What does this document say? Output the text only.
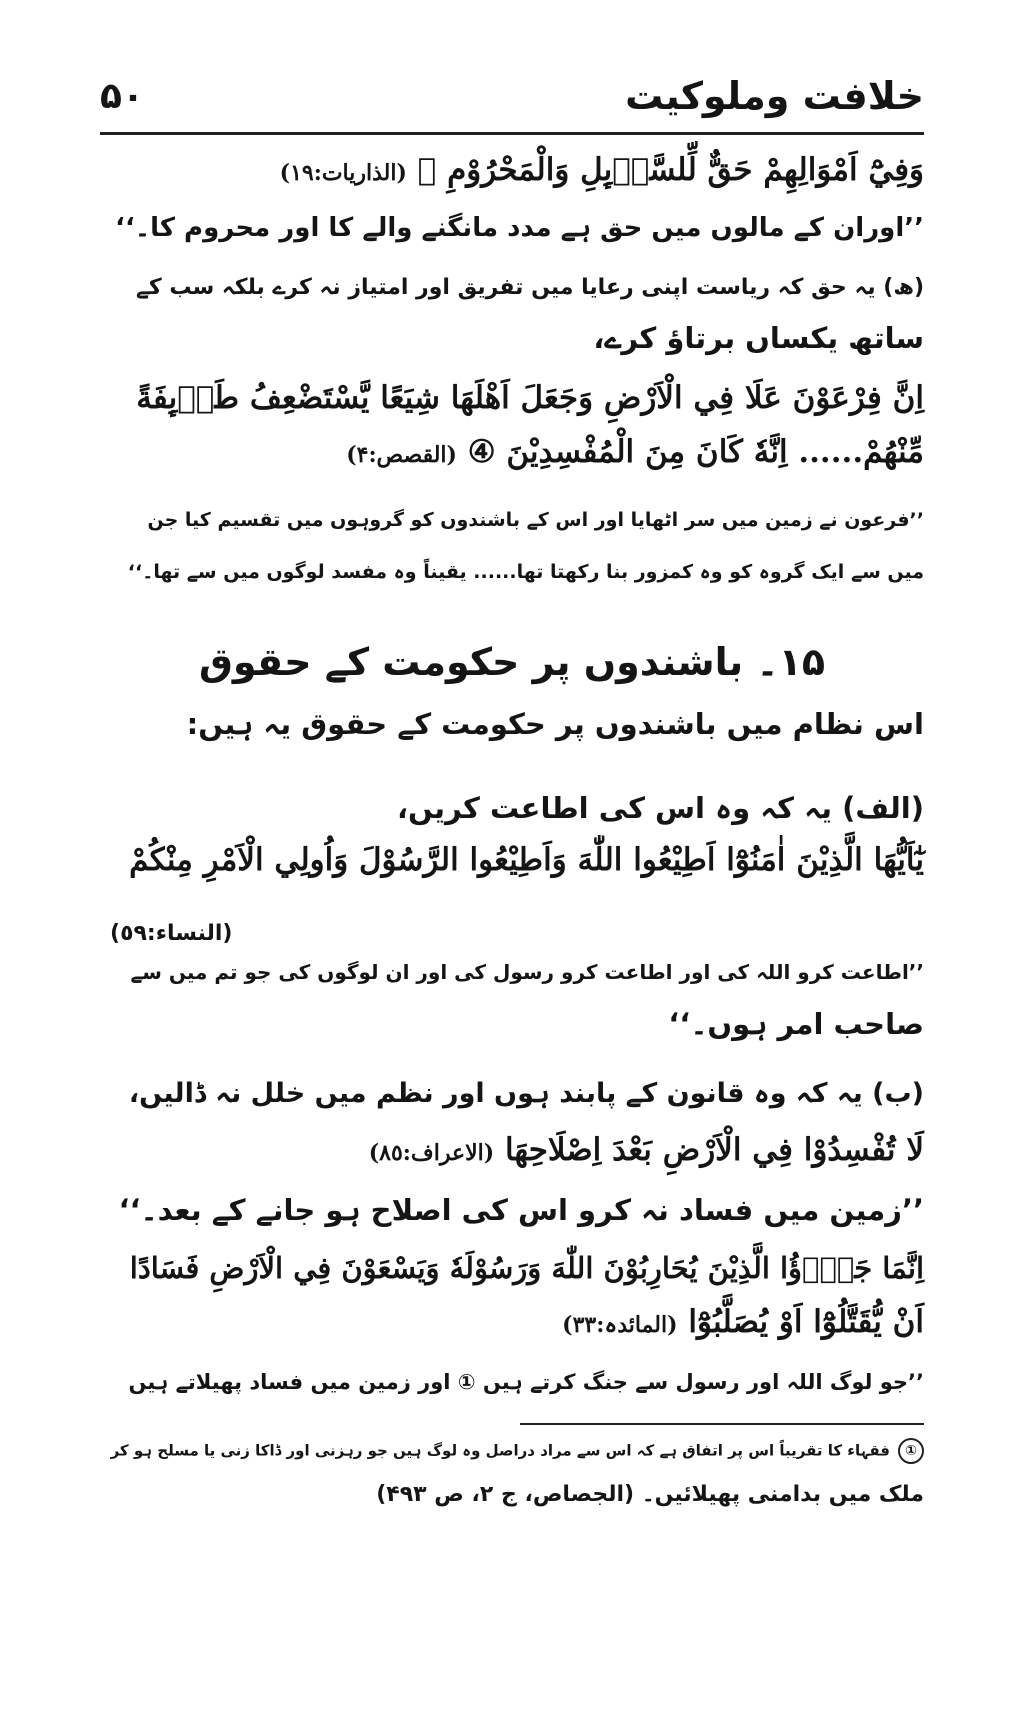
۵۰	خلافت وملوکیت
وَفِيْٓ اَمْوَالِهِمْ حَقٌّ لِّلسَّاۗىِٕلِ وَالْمَحْرُوْمِ ⑲ (الذاريات:١٩)
’’اوران کے مالوں میں حق ہے مدد مانگنے والے کا اور محروم کا۔‘‘
(ھ) یہ حق کہ ریاست اپنی رعایا میں تفریق اور امتیاز نہ کرے بلکہ سب کے
ساتھ یکساں برتاؤ کرے،
اِنَّ فِرْعَوْنَ عَلَا فِي الْاَرْضِ وَجَعَلَ اَهْلَهَا شِيَعًا يَّسْتَضْعِفُ طَاۗىِٕفَةً
مِّنْهُمْ...... اِنَّهٗ كَانَ مِنَ الْمُفْسِدِيْنَ ④ (القصص:۴)
’’فرعون نے زمین میں سر اٹھایا اور اس کے باشندوں کو گروہوں میں تقسیم کیا جن
میں سے ایک گروہ کو وہ کمزور بنا رکھتا تھا...... یقیناً وہ مفسد لوگوں میں سے تھا۔‘‘
۱۵۔ باشندوں پر حکومت کے حقوق
اس نظام میں باشندوں پر حکومت کے حقوق یہ ہیں:
(الف) یہ کہ وہ اس کی اطاعت کریں،
يٰٓاَيُّهَا الَّذِيْنَ اٰمَنُوْٓا اَطِيْعُوا اللّٰهَ وَاَطِيْعُوا الرَّسُوْلَ وَاُولِي الْاَمْرِ مِنْكُمْ
(النساء:٥٩)
’’اطاعت کرو اللہ کی اور اطاعت کرو رسول کی اور ان لوگوں کی جو تم میں سے
صاحب امر ہوں۔‘‘
(ب) یہ کہ وہ قانون کے پابند ہوں اور نظم میں خلل نہ ڈالیں،
لَا تُفْسِدُوْا فِي الْاَرْضِ بَعْدَ اِصْلَاحِهَا (الاعراف:٨٥)
’’زمین میں فساد نہ کرو اس کی اصلاح ہو جانے کے بعد۔‘‘
اِنَّمَا جَزٰۗؤُا الَّذِيْنَ يُحَارِبُوْنَ اللّٰهَ وَرَسُوْلَهٗ وَيَسْعَوْنَ فِي الْاَرْضِ فَسَادًا
اَنْ يُّقَتَّلُوْٓا اَوْ يُصَلَّبُوْٓا (المائدہ:٣٣)
’’جو لوگ اللہ اور رسول سے جنگ کرتے ہیں ① اور زمین میں فساد پھیلاتے ہیں
①فقہاء کا تقریباً اس پر اتفاق ہے کہ اس سے مراد دراصل وہ لوگ ہیں جو رہزنی اور ڈاکا زنی یا مسلح ہو کر
ملک میں بدامنی پھیلائیں۔ (الجصاص، ج ۲، ص ۴۹۳)
